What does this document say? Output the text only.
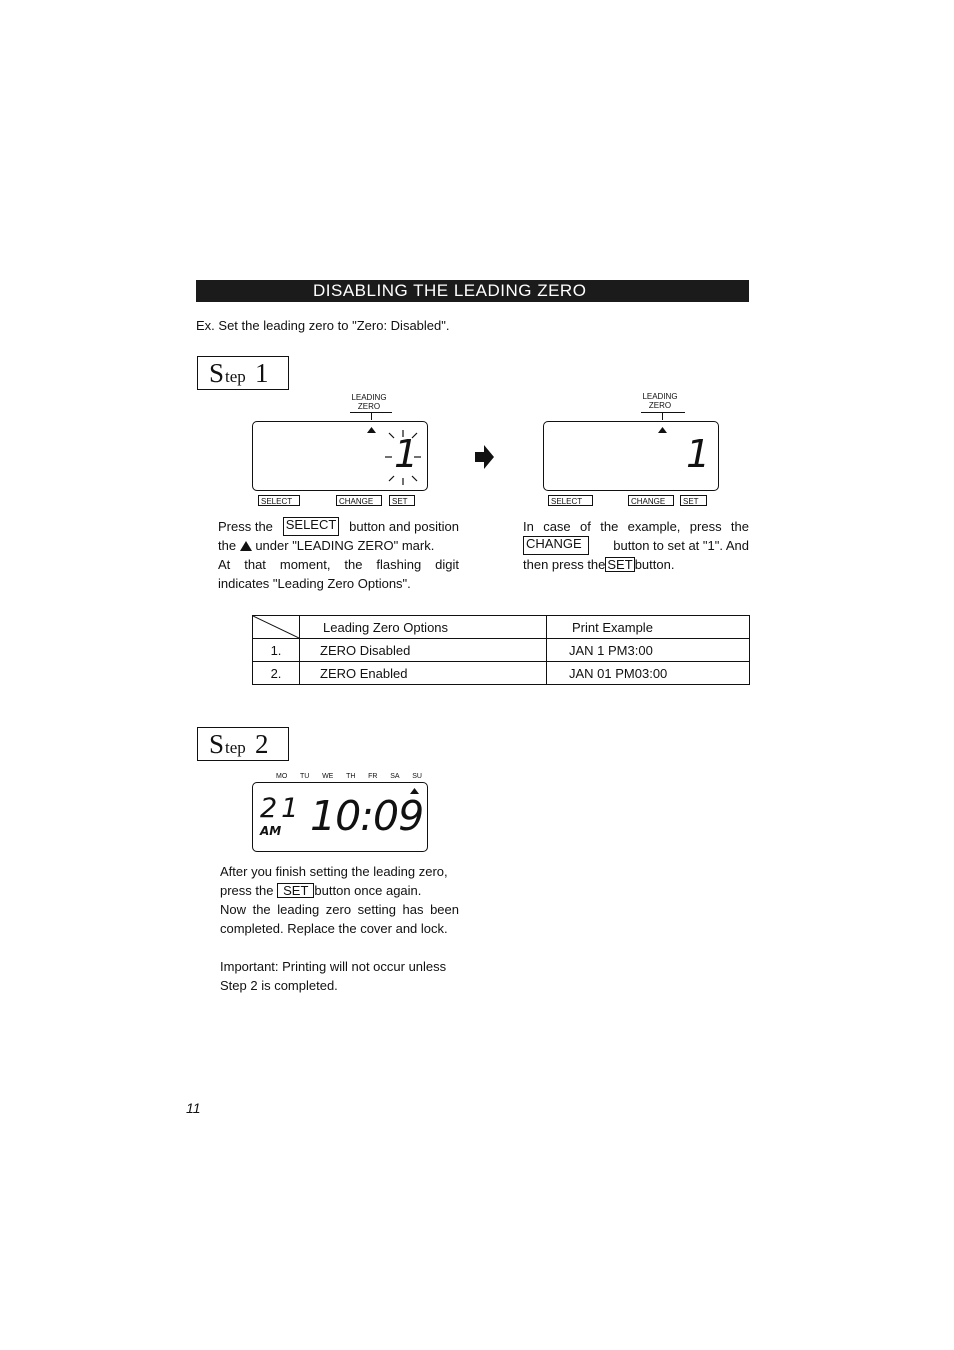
DISABLING THE LEADING ZERO
Ex. Set the leading zero to "Zero: Disabled".
S tep 1
LEADING
ZERO
1
SELECT	CHANGE	SET
LEADING
ZERO
1
SELECT	CHANGE	SET
Press the SELECT button and position
the under "LEADING ZERO" mark.
At that moment, the flashing digit
indicates "Leading Zero Options".
In case of the example, press the
CHANGE	button to set at "1". And
then press the SET button.
	Leading Zero Options	Print Example
1.	ZERO Disabled	JAN 1 PM3:00
2.	ZERO Enabled	JAN 01 PM03:00
S tep 2
MO TU WE TH FR SA SU
21
AM 10:09
After you finish setting the leading zero,
press the SET button once again.
Now the leading zero setting has been
completed. Replace the cover and lock.
Important: Printing will not occur unless
Step 2 is completed.
11
